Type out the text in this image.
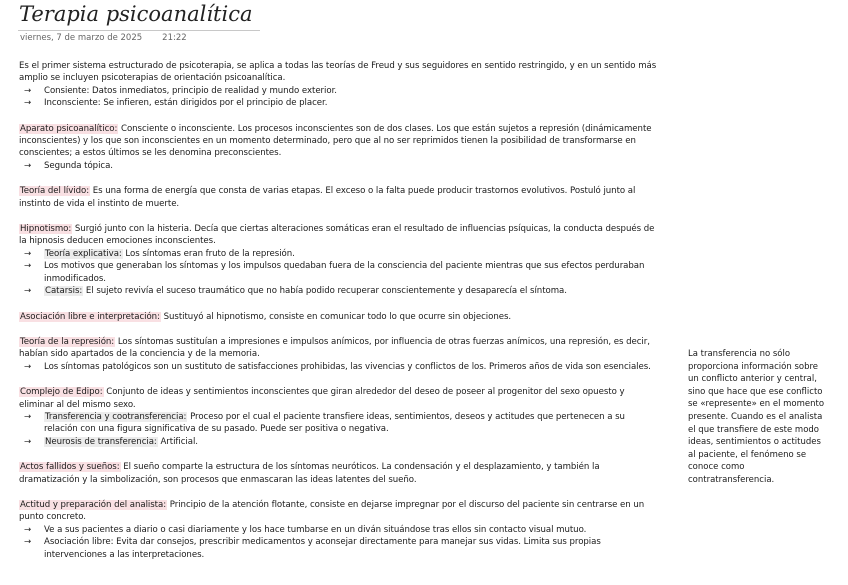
Terapia psicoanalítica
viernes, 7 de marzo de 2025 21:22

Es el primer sistema estructurado de psicoterapia, se aplica a todas las teorías de Freud y sus seguidores en sentido restringido, y en un sentido más amplio se incluyen psicoterapias de orientación psicoanalítica.

→ Consiente: Datos inmediatos, principio de realidad y mundo exterior.
→ Inconsciente: Se infieren, están dirigidos por el principio de placer.

Aparato psicoanalítico: Consciente o inconsciente. Los procesos inconscientes son de dos clases. Los que están sujetos a represión (dinámicamente inconscientes) y los que son inconscientes en un momento determinado, pero que al no ser reprimidos tienen la posibilidad de transformarse en conscientes; a estos últimos se les denomina preconscientes.

→ Segunda tópica.

Teoría del lívido: Es una forma de energía que consta de varias etapas. El exceso o la falta puede producir trastornos evolutivos. Postuló junto al instinto de vida el instinto de muerte.

Hipnotismo: Surgió junto con la histeria. Decía que ciertas alteraciones somáticas eran el resultado de influencias psíquicas, la conducta después de la hipnosis deducen emociones inconscientes.

→ Teoría explicativa: Los síntomas eran fruto de la represión.
→ Los motivos que generaban los síntomas y los impulsos quedaban fuera de la consciencia del paciente mientras que sus efectos perduraban inmodificados.
→ Catarsis: El sujeto revivía el suceso traumático que no había podido recuperar conscientemente y desaparecía el síntoma.

Asociación libre e interpretación: Sustituyó al hipnotismo, consiste en comunicar todo lo que ocurre sin objeciones.

Teoría de la represión: Los síntomas sustituían a impresiones e impulsos anímicos, por influencia de otras fuerzas anímicos, una represión, es decir, habían sido apartados de la conciencia y de la memoria.

→ Los síntomas patológicos son un sustituto de satisfacciones prohibidas, las vivencias y conflictos de los. Primeros años de vida son esenciales.

Complejo de Edipo: Conjunto de ideas y sentimientos inconscientes que giran alrededor del deseo de poseer al progenitor del sexo opuesto y eliminar al del mismo sexo.

→ Transferencia y cootransferencia: Proceso por el cual el paciente transfiere ideas, sentimientos, deseos y actitudes que pertenecen a su relación con una figura significativa de su pasado. Puede ser positiva o negativa.
→ Neurosis de transferencia: Artificial.

Actos fallidos y sueños: El sueño comparte la estructura de los síntomas neuróticos. La condensación y el desplazamiento, y también la dramatización y la simbolización, son procesos que enmascaran las ideas latentes del sueño.

Actitud y preparación del analista: Principio de la atención flotante, consiste en dejarse impregnar por el discurso del paciente sin centrarse en un punto concreto.

→ Ve a sus pacientes a diario o casi diariamente y los hace tumbarse en un diván situándose tras ellos sin contacto visual mutuo.
→ Asociación libre: Evita dar consejos, prescribir medicamentos y aconsejar directamente para manejar sus vidas. Limita sus propias intervenciones a las interpretaciones.
La transferencia no sólo proporciona información sobre un conflicto anterior y central, sino que hace que ese conflicto se «represente» en el momento presente. Cuando es el analista el que transfiere de este modo ideas, sentimientos o actitudes al paciente, el fenómeno se conoce como contratransferencia.
